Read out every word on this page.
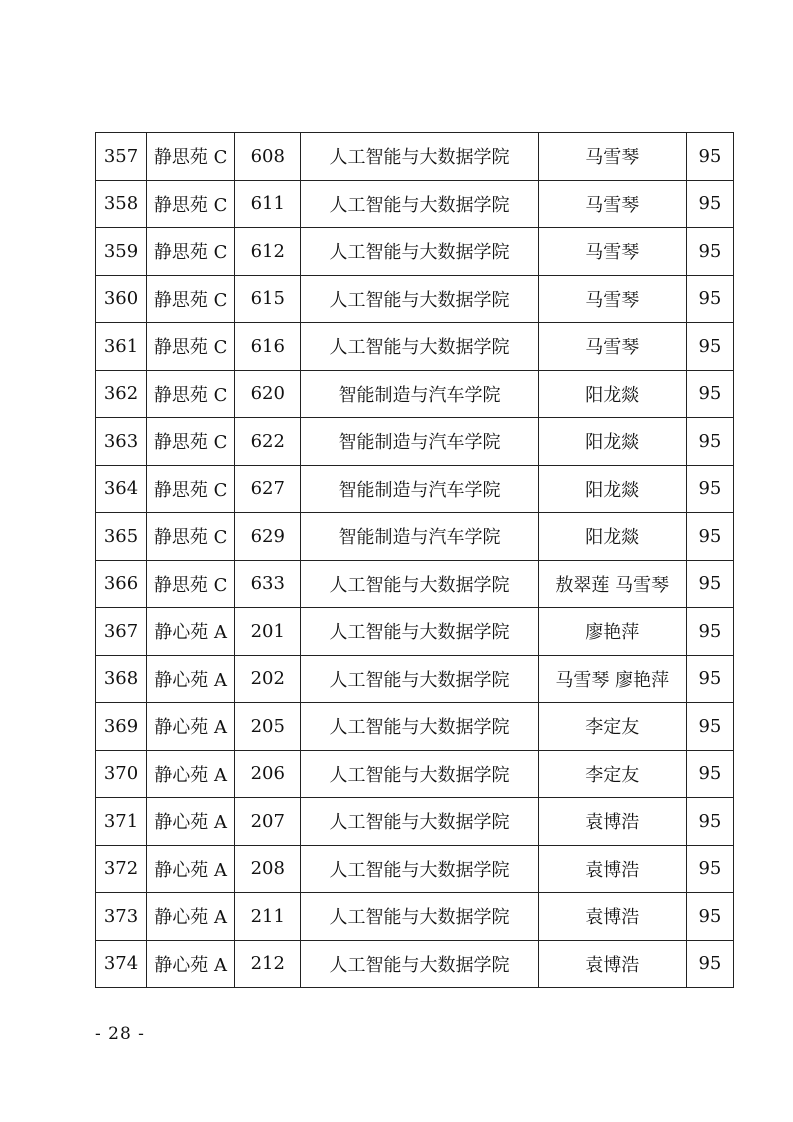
357	静思苑 C	608	人工智能与大数据学院	马雪琴	95
358	静思苑 C	611	人工智能与大数据学院	马雪琴	95
359	静思苑 C	612	人工智能与大数据学院	马雪琴	95
360	静思苑 C	615	人工智能与大数据学院	马雪琴	95
361	静思苑 C	616	人工智能与大数据学院	马雪琴	95
362	静思苑 C	620	智能制造与汽车学院	阳龙燚	95
363	静思苑 C	622	智能制造与汽车学院	阳龙燚	95
364	静思苑 C	627	智能制造与汽车学院	阳龙燚	95
365	静思苑 C	629	智能制造与汽车学院	阳龙燚	95
366	静思苑 C	633	人工智能与大数据学院	敖翠莲 马雪琴	95
367	静心苑 A	201	人工智能与大数据学院	廖艳萍	95
368	静心苑 A	202	人工智能与大数据学院	马雪琴 廖艳萍	95
369	静心苑 A	205	人工智能与大数据学院	李定友	95
370	静心苑 A	206	人工智能与大数据学院	李定友	95
371	静心苑 A	207	人工智能与大数据学院	袁博浩	95
372	静心苑 A	208	人工智能与大数据学院	袁博浩	95
373	静心苑 A	211	人工智能与大数据学院	袁博浩	95
374	静心苑 A	212	人工智能与大数据学院	袁博浩	95
- 28 -
